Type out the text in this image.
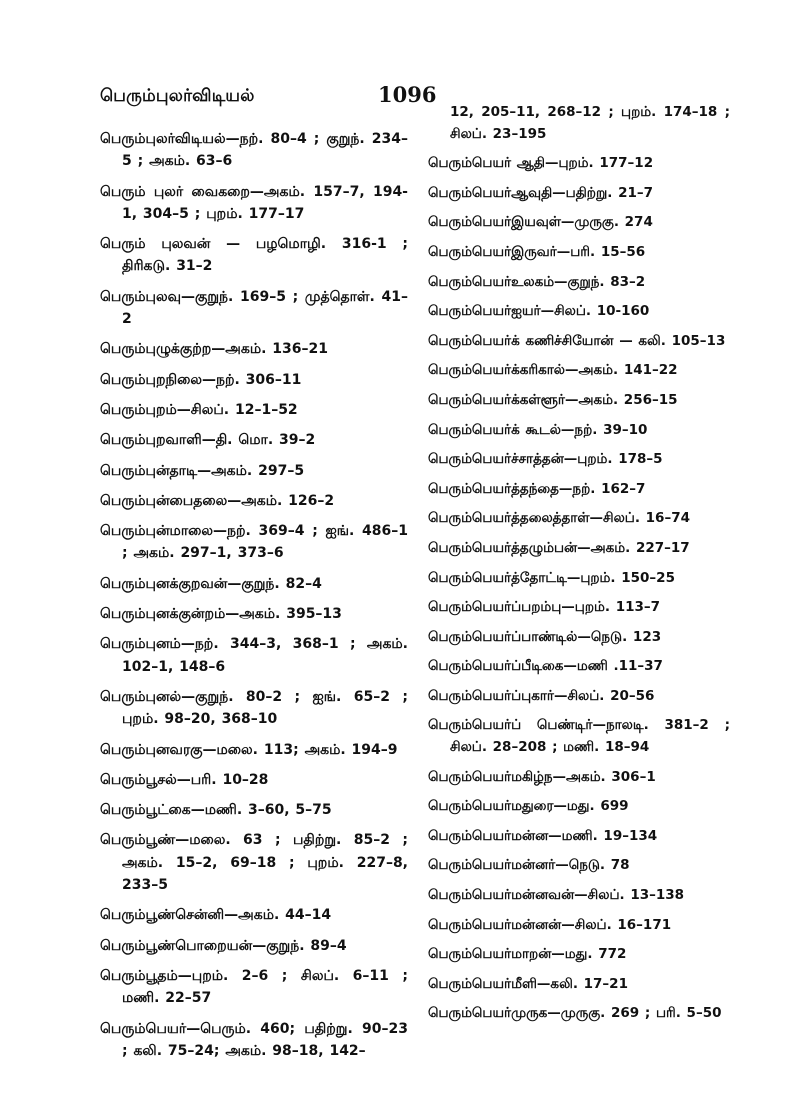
பெரும்புலர்விடியல்	1096

பெரும்புலர்விடியல்—நற். 80–4 ; குறுந். 234–5 ; அகம். 63–6

பெரும் புலர் வைகறை—அகம். 157–7, 194-1, 304–5 ; புறம். 177–17

பெரும் புலவன் — பழமொழி. 316-1 ; திரிகடு. 31–2

பெரும்புலவு—குறுந். 169–5 ; முத்தொள். 41–2

பெரும்புழுக்குற்ற—அகம். 136–21

பெரும்புறநிலை—நற். 306–11

பெரும்புறம்—சிலப். 12–1–52

பெரும்புறவாளி—தி. மொ. 39–2

பெரும்புன்தாடி—அகம். 297–5

பெரும்புன்பைதலை—அகம். 126–2

பெரும்புன்மாலை—நற். 369–4 ; ஐங். 486–1 ; அகம். 297–1, 373–6

பெரும்புனக்குறவன்—குறுந். 82–4

பெரும்புனக்குன்றம்—அகம். 395–13

பெரும்புனம்—நற். 344–3, 368–1 ; அகம். 102–1, 148–6

பெரும்புனல்—குறுந். 80–2 ; ஐங். 65–2 ; புறம். 98–20, 368–10

பெரும்புனவரகு—மலை. 113; அகம். 194–9

பெரும்பூசல்—பரி. 10–28

பெரும்பூட்கை—மணி. 3–60, 5–75

பெரும்பூண்—மலை. 63 ; பதிற்று. 85–2 ; அகம். 15–2, 69–18 ; புறம். 227–8, 233–5

பெரும்பூண்சென்னி—அகம். 44–14

பெரும்பூண்பொறையன்—குறுந். 89–4

பெரும்பூதம்—புறம். 2–6 ; சிலப். 6–11 ; மணி. 22–57

பெரும்பெயர்—பெரும். 460; பதிற்று. 90–23 ; கலி. 75–24; அகம். 98–18, 142–

12, 205–11, 268–12 ; புறம். 174–18 ; சிலப். 23–195

பெரும்பெயர் ஆதி—புறம். 177–12

பெரும்பெயர்ஆவுதி—பதிற்று. 21–7

பெரும்பெயர்இயவுள்—முருகு. 274

பெரும்பெயர்இருவர்—பரி. 15–56

பெரும்பெயர்உலகம்—குறுந். 83–2

பெரும்பெயர்ஐயர்—சிலப். 10-160

பெரும்பெயர்க் கணிச்சியோன் — கலி. 105–13

பெரும்பெயர்க்கரிகால்—அகம். 141–22

பெரும்பெயர்க்கள்ளூர்—அகம். 256–15

பெரும்பெயர்க் கூடல்—நற். 39–10

பெரும்பெயர்ச்சாத்தன்—புறம். 178–5

பெரும்பெயர்த்தந்தை—நற். 162–7

பெரும்பெயர்த்தலைத்தாள்—சிலப். 16–74

பெரும்பெயர்த்தழும்பன்—அகம். 227–17

பெரும்பெயர்த்தோட்டி—புறம். 150–25

பெரும்பெயர்ப்பறம்பு—புறம். 113–7

பெரும்பெயர்ப்பாண்டில்—நெடு. 123

பெரும்பெயர்ப்பீடிகை—மணி .11–37

பெரும்பெயர்ப்புகார்—சிலப். 20–56

பெரும்பெயர்ப் பெண்டிர்—நாலடி. 381–2 ; சிலப். 28–208 ; மணி. 18–94

பெரும்பெயர்மகிழ்ந—அகம். 306–1

பெரும்பெயர்மதுரை—மது. 699

பெரும்பெயர்மன்ன—மணி. 19–134

பெரும்பெயர்மன்னர்—நெடு. 78

பெரும்பெயர்மன்னவன்—சிலப். 13–138

பெரும்பெயர்மன்னன்—சிலப். 16–171

பெரும்பெயர்மாறன்—மது. 772

பெரும்பெயர்மீளி—கலி. 17–21

பெரும்பெயர்முருக—முருகு. 269 ; பரி. 5–50
